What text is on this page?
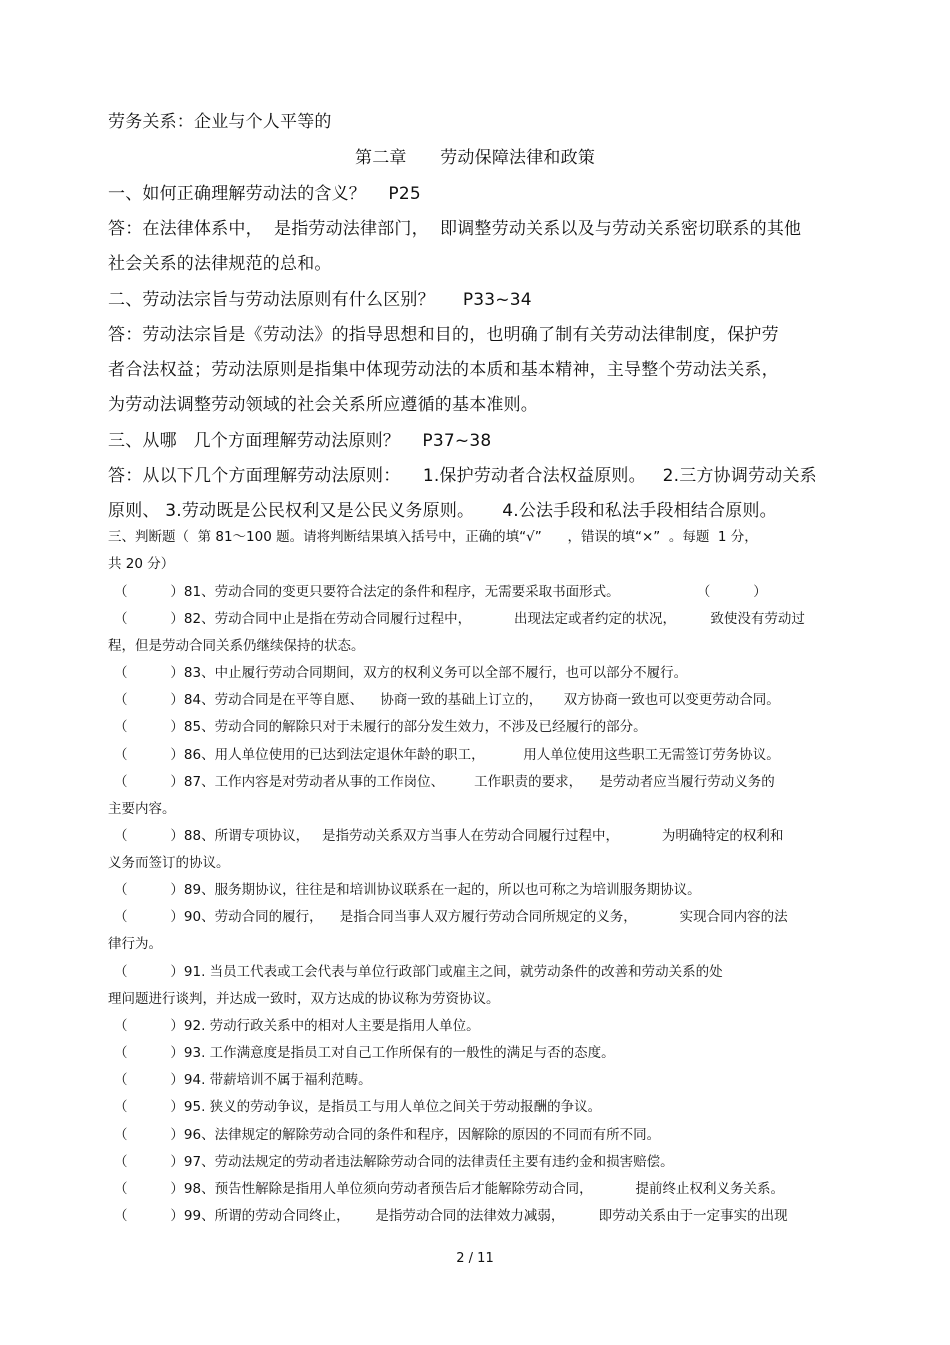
劳务关系：企业与个人平等的

第二章      劳动保障法律和政策

一、如何正确理解劳动法的含义？    P25

答：在法律体系中，  是指劳动法律部门，  即调整劳动关系以及与劳动关系密切联系的其他

社会关系的法律规范的总和。

二、劳动法宗旨与劳动法原则有什么区别？     P33~34

答：劳动法宗旨是《劳动法》的指导思想和目的，也明确了制有关劳动法律制度，保护劳

者合法权益；劳动法原则是指集中体现劳动法的本质和基本精神，主导整个劳动法关系，

为劳动法调整劳动领域的社会关系所应遵循的基本准则。

三、从哪   几个方面理解劳动法原则？    P37~38

答：从以下几个方面理解劳动法原则：    1.保护劳动者合法权益原则。   2.三方协调劳动关系

原则、 3.劳动既是公民权利又是公民义务原则。     4.公法手段和私法手段相结合原则。

三、判断题（  第 81～100 题。请将判断结果填入括号中，正确的填“√”      ，错误的填“×”  。每题  1 分，

共 20 分）

（          ）81、劳动合同的变更只要符合法定的条件和程序，无需要采取书面形式。                  （          ）

（          ）82、劳动合同中止是指在劳动合同履行过程中，          出现法定或者约定的状况，        致使没有劳动过

程，但是劳动合同关系仍继续保持的状态。

（          ）83、中止履行劳动合同期间，双方的权利义务可以全部不履行，也可以部分不履行。

（          ）84、劳动合同是在平等自愿、    协商一致的基础上订立的，     双方协商一致也可以变更劳动合同。

（          ）85、劳动合同的解除只对于未履行的部分发生效力，不涉及已经履行的部分。

（          ）86、用人单位使用的已达到法定退休年龄的职工，         用人单位使用这些职工无需签订劳务协议。

（          ）87、工作内容是对劳动者从事的工作岗位、       工作职责的要求，    是劳动者应当履行劳动义务的

主要内容。

（          ）88、所谓专项协议，   是指劳动关系双方当事人在劳动合同履行过程中，          为明确特定的权利和

义务而签订的协议。

（          ）89、服务期协议，往往是和培训协议联系在一起的，所以也可称之为培训服务期协议。

（          ）90、劳动合同的履行，    是指合同当事人双方履行劳动合同所规定的义务，          实现合同内容的法

律行为。

（          ）91. 当员工代表或工会代表与单位行政部门或雇主之间，就劳动条件的改善和劳动关系的处

理问题进行谈判，并达成一致时，双方达成的协议称为劳资协议。

（          ）92. 劳动行政关系中的相对人主要是指用人单位。

（          ）93. 工作满意度是指员工对自己工作所保有的一般性的满足与否的态度。

（          ）94. 带薪培训不属于福利范畴。

（          ）95. 狭义的劳动争议，是指员工与用人单位之间关于劳动报酬的争议。

（          ）96、法律规定的解除劳动合同的条件和程序，因解除的原因的不同而有所不同。

（          ）97、劳动法规定的劳动者违法解除劳动合同的法律责任主要有违约金和损害赔偿。

（          ）98、预告性解除是指用人单位须向劳动者预告后才能解除劳动合同，          提前终止权利义务关系。

（          ）99、所谓的劳动合同终止，      是指劳动合同的法律效力减弱，        即劳动关系由于一定事实的出现

2 / 11
